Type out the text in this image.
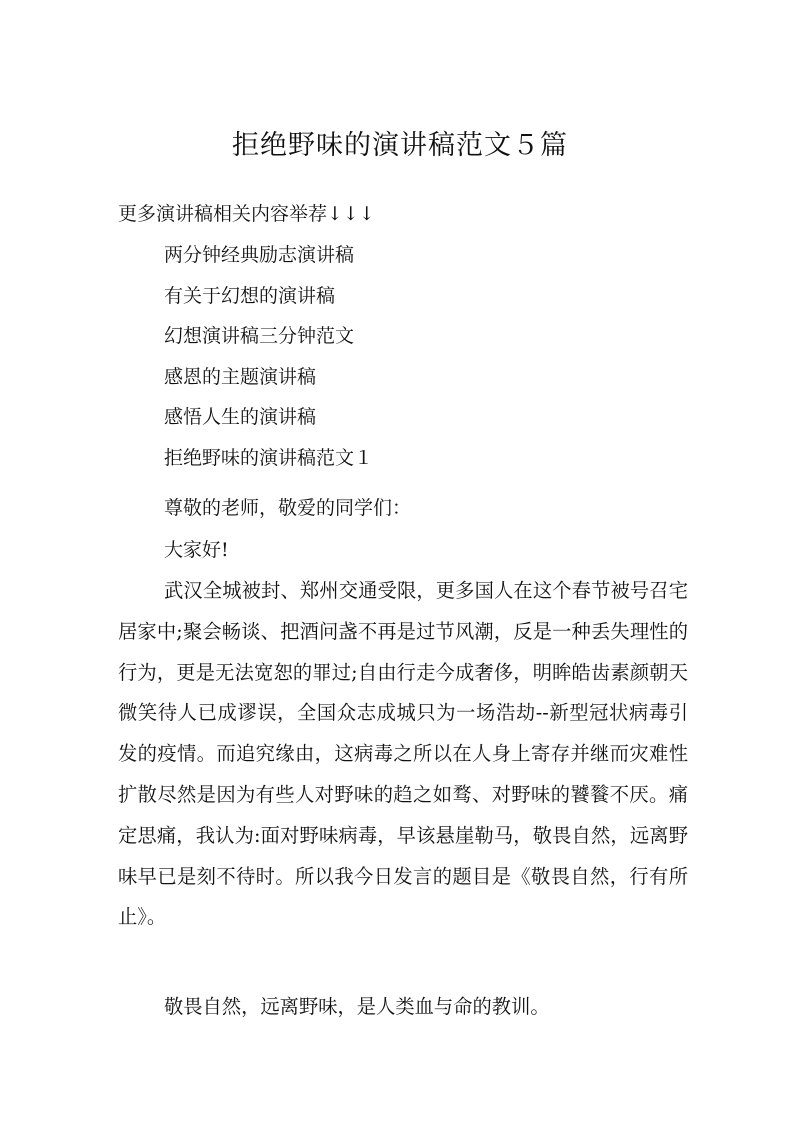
拒绝野味的演讲稿范文５篇

更多演讲稿相关内容举荐↓↓↓

两分钟经典励志演讲稿
有关于幻想的演讲稿
幻想演讲稿三分钟范文
感恩的主题演讲稿
感悟人生的演讲稿
拒绝野味的演讲稿范文１

尊敬的老师，敬爱的同学们：

大家好!

武汉全城被封、郑州交通受限，更多国人在这个春节被号召宅居家中;聚会畅谈、把酒问盏不再是过节风潮，反是一种丢失理性的行为，更是无法宽恕的罪过;自由行走今成奢侈，明眸皓齿素颜朝天微笑待人已成谬误，全国众志成城只为一场浩劫--新型冠状病毒引发的疫情。而追究缘由，这病毒之所以在人身上寄存并继而灾难性扩散尽然是因为有些人对野味的趋之如骛、对野味的饕餮不厌。痛定思痛，我认为:面对野味病毒，早该悬崖勒马，敬畏自然，远离野味早已是刻不待时。所以我今日发言的题目是《敬畏自然，行有所止》。

敬畏自然，远离野味，是人类血与命的教训。
